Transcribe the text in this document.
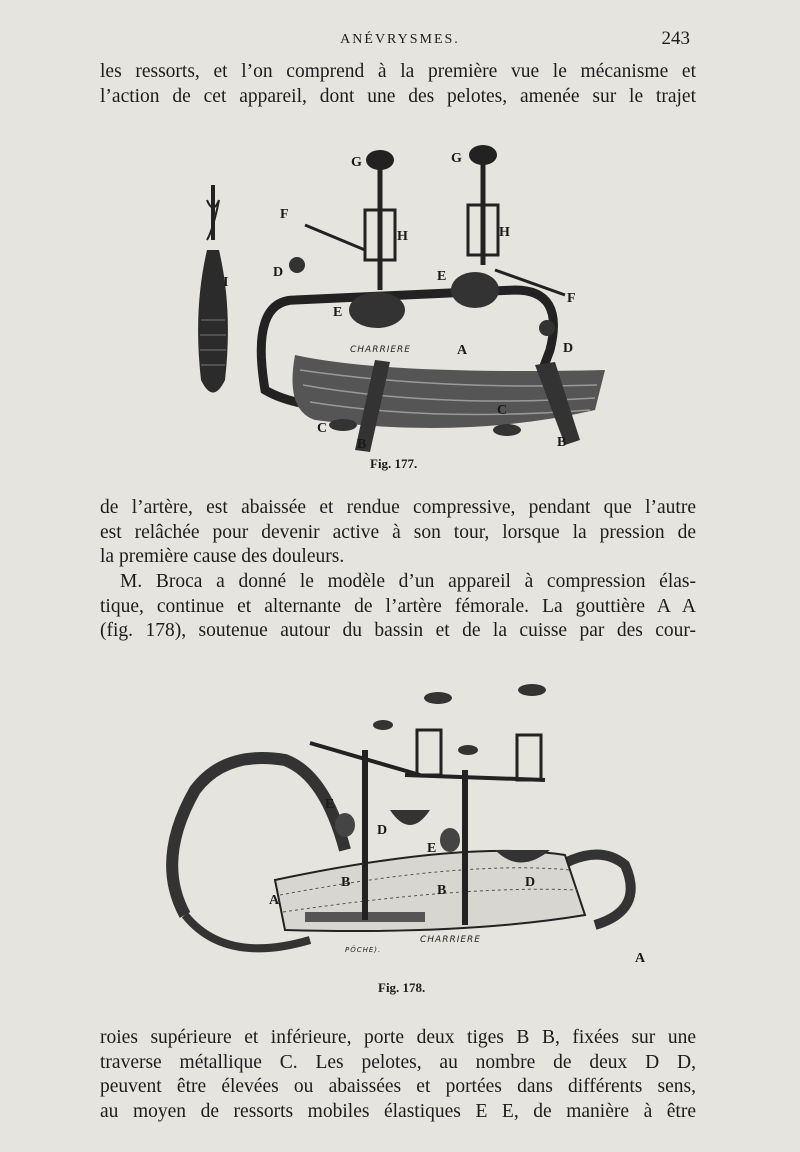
ANÉVRYSMES.	243

les ressorts, et l’on comprend à la première vue le mécanisme et
l’action de cet appareil, dont une des pelotes, amenée sur le trajet

CHARRIERE
G	G
F
F
H	H
D
D
E
E
I
A
B	B
C
C
Fig. 177.

de l’artère, est abaissée et rendue compressive, pendant que l’autre
est relâchée pour devenir active à son tour, lorsque la pression de
la première cause des douleurs.

M. Broca a donné le modèle d’un appareil à compression élas-
tique, continue et alternante de l’artère fémorale. La gouttière A A
(fig. 178), soutenue autour du bassin et de la cuisse par des cour-

CHARRIERE
PÖCHE).
E
E
D
D
B
B
A
A
Fig. 178.

roies supérieure et inférieure, porte deux tiges B B, fixées sur une
traverse métallique C. Les pelotes, au nombre de deux D D,
peuvent être élevées ou abaissées et portées dans différents sens,
au moyen de ressorts mobiles élastiques E E, de manière à être
